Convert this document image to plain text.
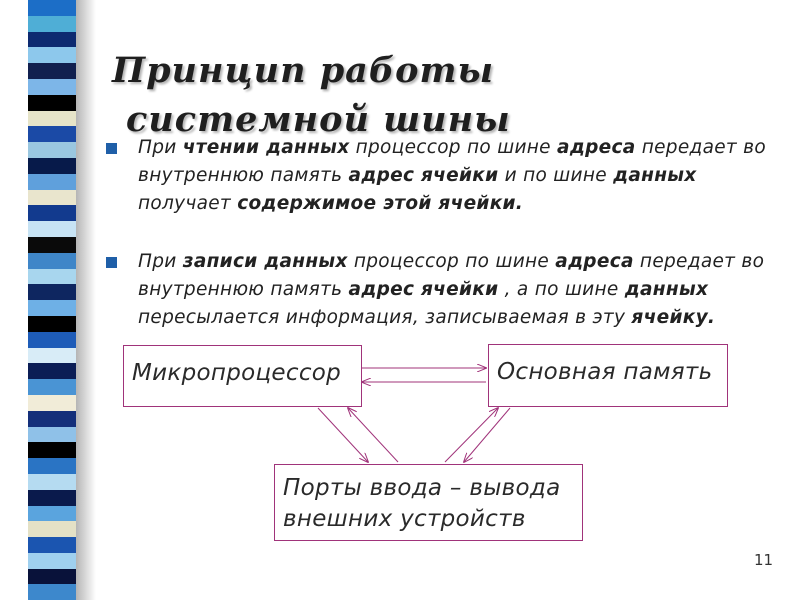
Принцип работы
системной шины
При чтении данных процессор по шине адреса передает во внутреннюю память адрес ячейки и по шине данных получает содержимое этой ячейки.
При записи данных процессор по шине адреса передает во внутреннюю память адрес ячейки , а по шине данных пересылается информация, записываемая в эту ячейку.
Микропроцессор	Основная память
Порты ввода – вывода
внешних устройств
11
